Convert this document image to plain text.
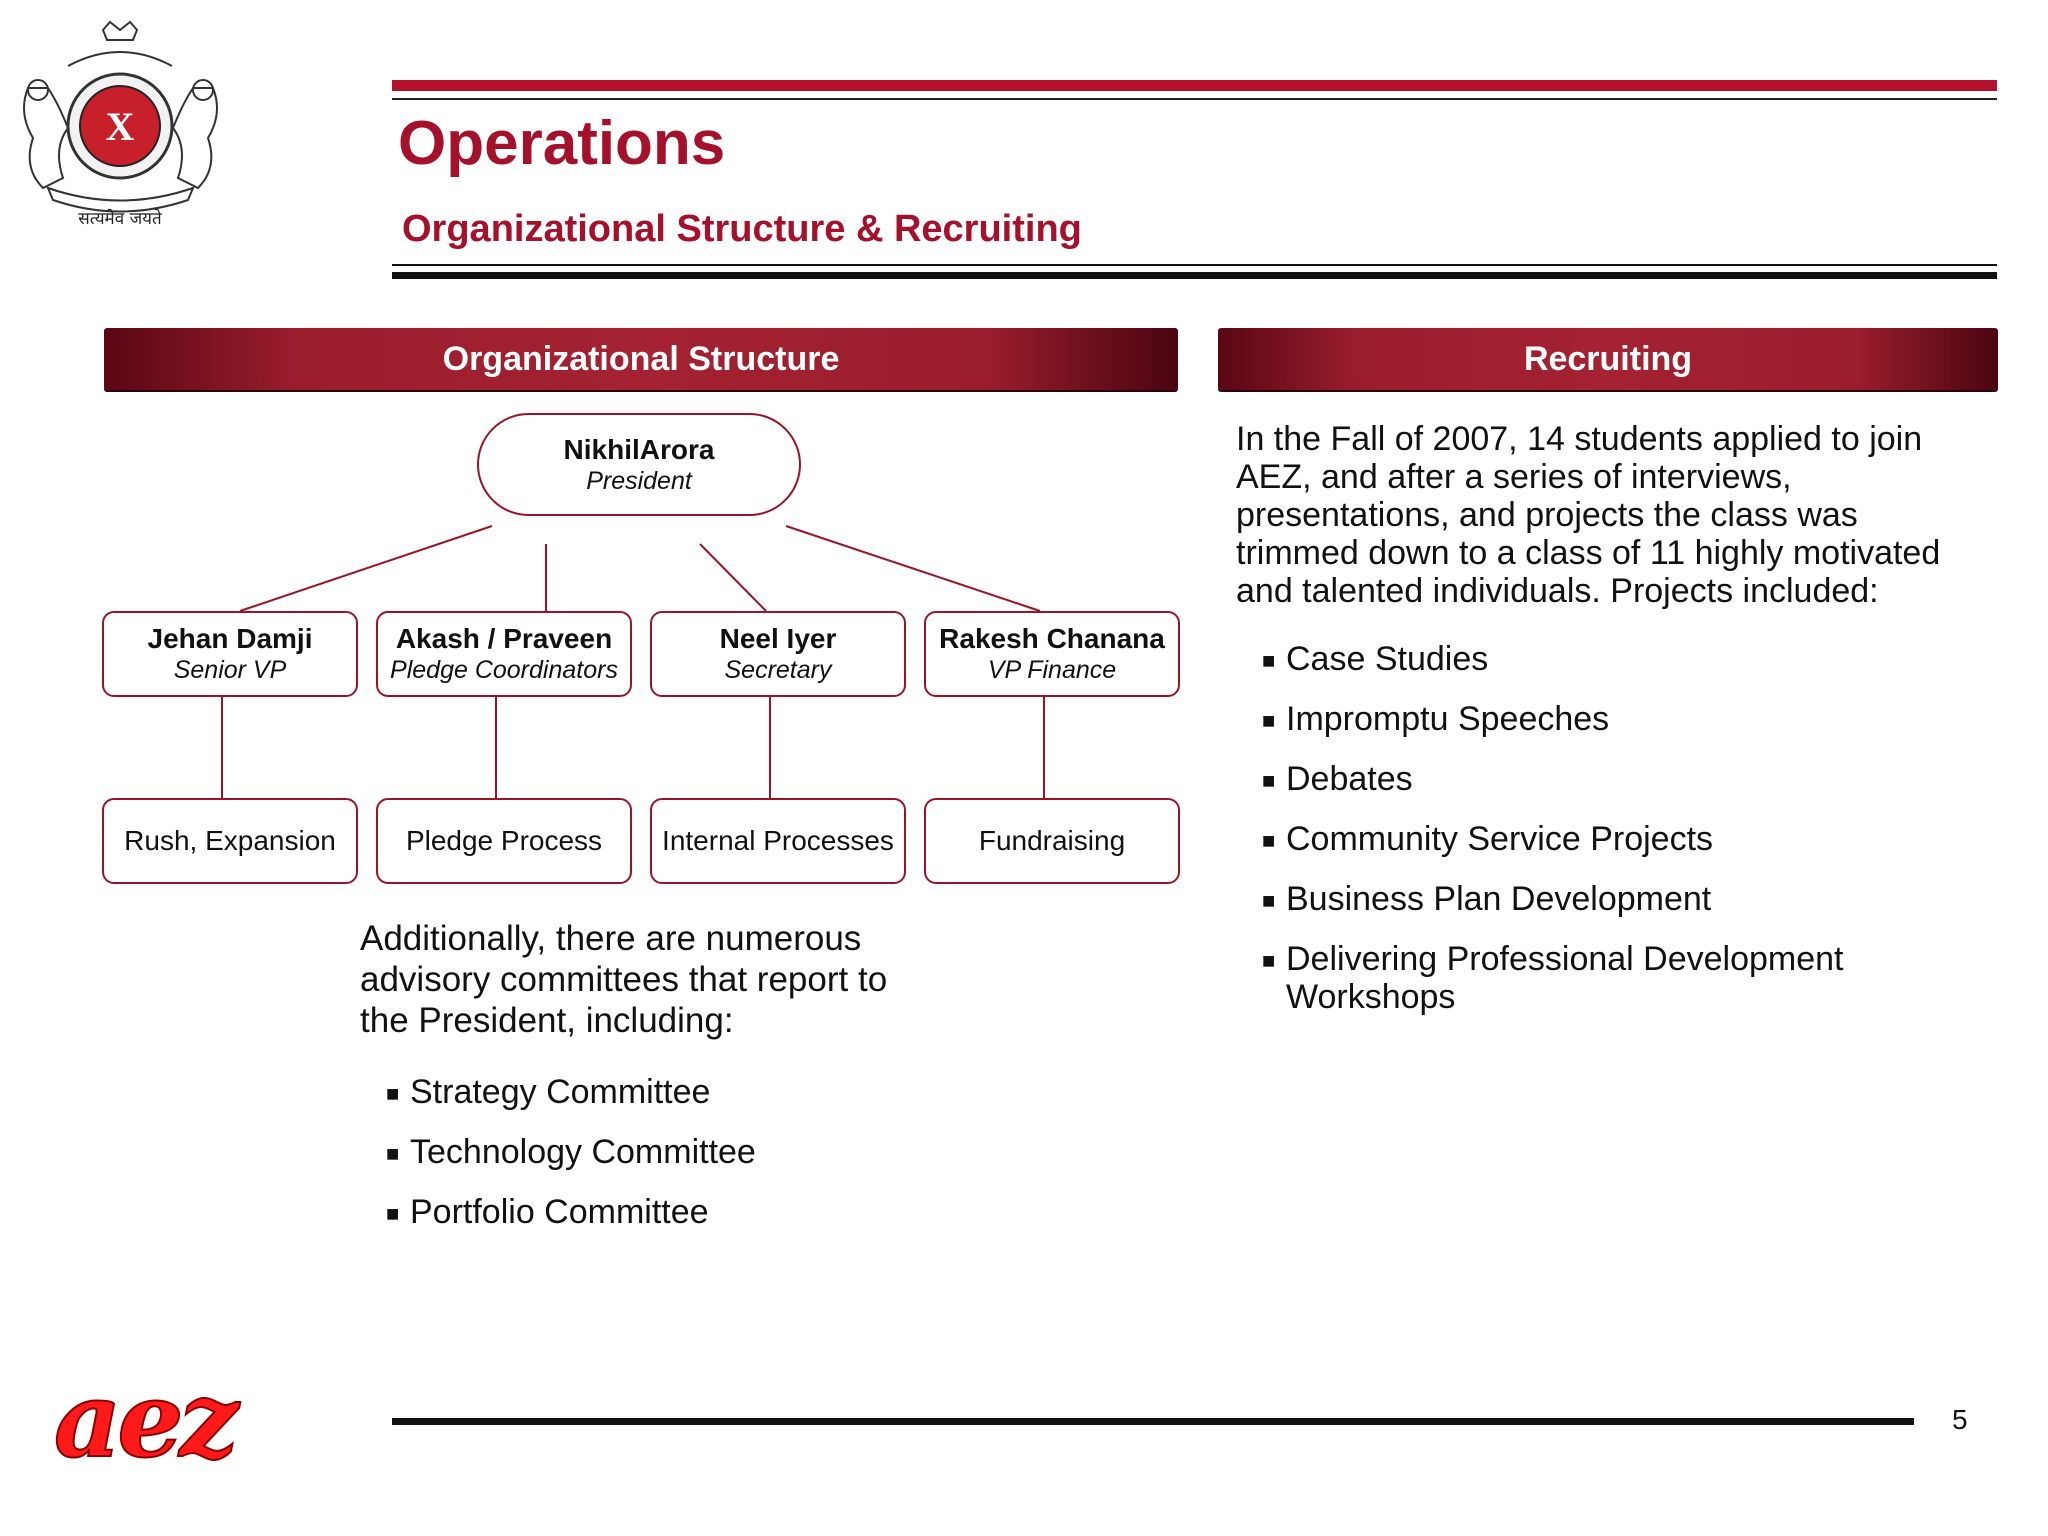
X
सत्यमेव जयते
Operations
Organizational Structure & Recruiting
Organizational Structure	Recruiting
NikhilArora
President
Jehan Damji
Senior VP
Akash / Praveen
Pledge Coordinators
Neel Iyer
Secretary
Rakesh Chanana
VP Finance
Rush, Expansion	Pledge Process	Internal Processes	Fundraising
Additionally, there are numerous advisory committees that report to the President, including:
■ Strategy Committee
■ Technology Committee
■ Portfolio Committee
In the Fall of 2007, 14 students applied to join AEZ, and after a series of interviews, presentations, and projects the class was trimmed down to a class of 11 highly motivated and talented individuals. Projects included:
■ Case Studies
■ Impromptu Speeches
■ Debates
■ Community Service Projects
■ Business Plan Development
■ Delivering Professional Development Workshops
aez	5
